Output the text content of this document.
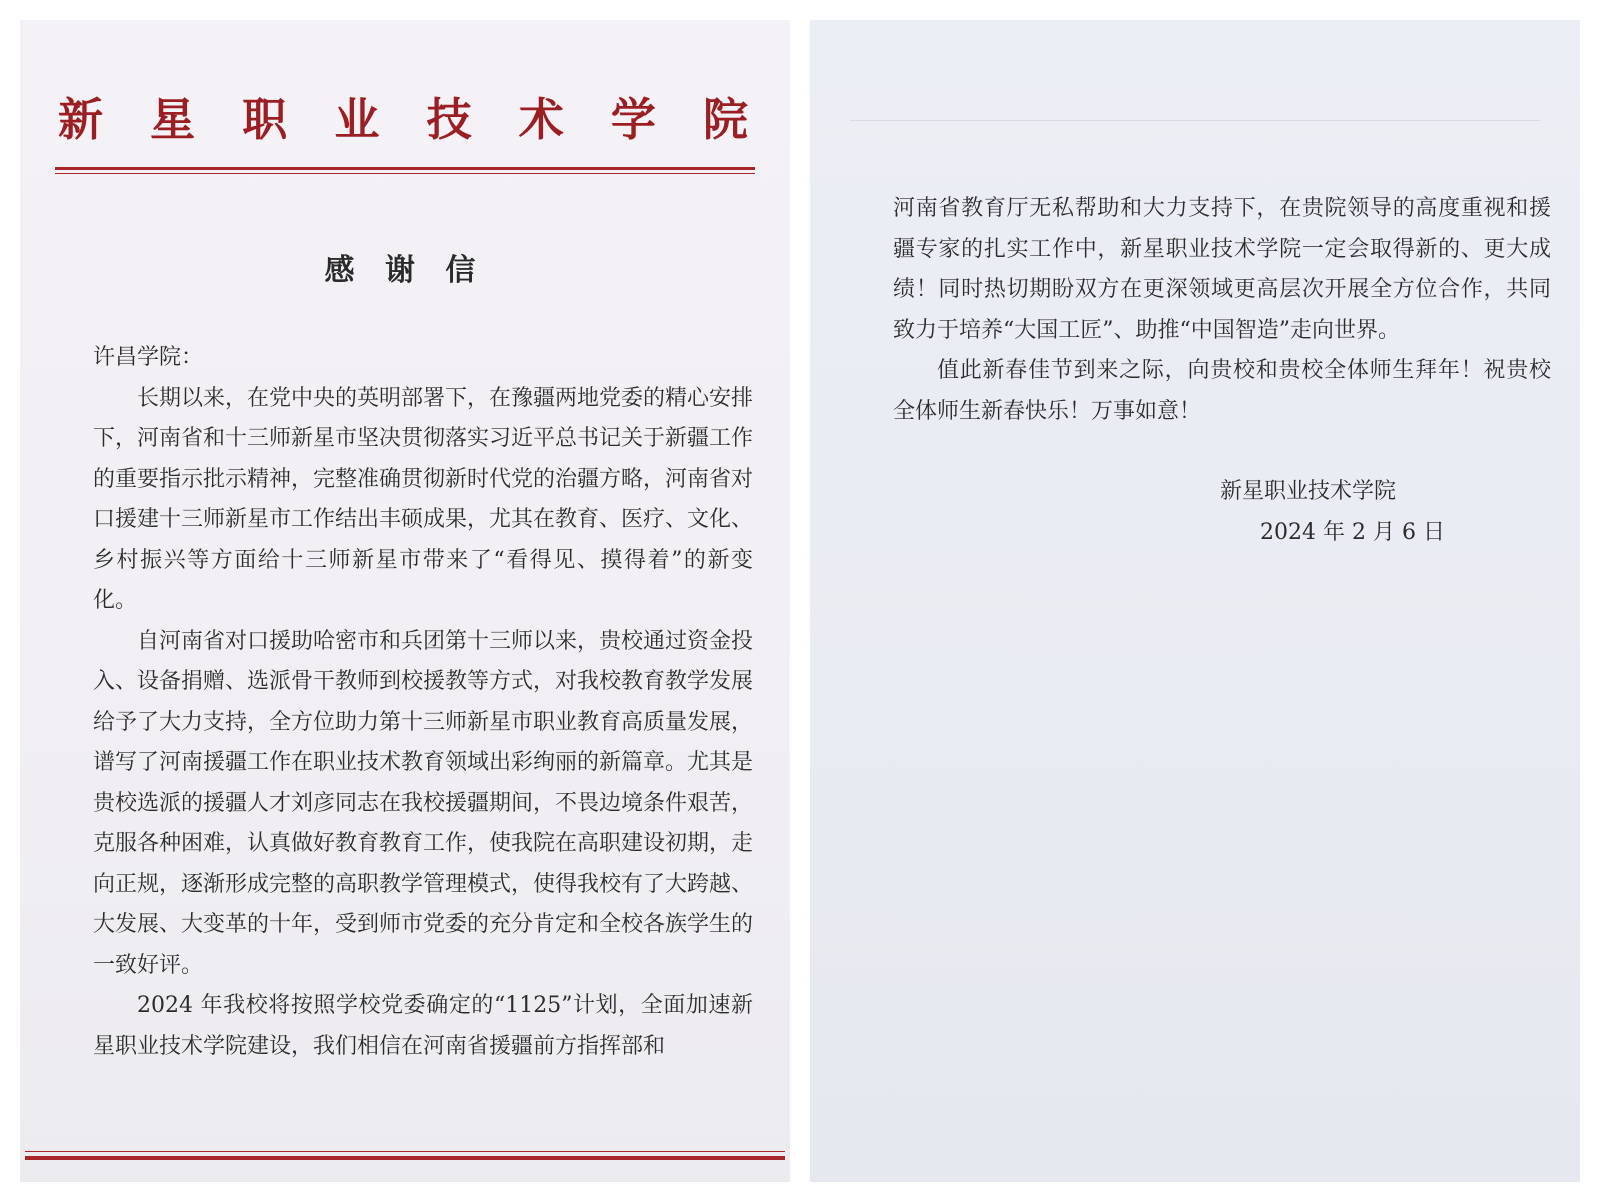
新 星 职 业 技 术 学 院
感 谢 信

许昌学院：

长期以来，在党中央的英明部署下，在豫疆两地党委的精心安排下，河南省和十三师新星市坚决贯彻落实习近平总书记关于新疆工作的重要指示批示精神，完整准确贯彻新时代党的治疆方略，河南省对口援建十三师新星市工作结出丰硕成果，尤其在教育、医疗、文化、乡村振兴等方面给十三师新星市带来了“看得见、摸得着”的新变化。

自河南省对口援助哈密市和兵团第十三师以来，贵校通过资金投入、设备捐赠、选派骨干教师到校援教等方式，对我校教育教学发展给予了大力支持，全方位助力第十三师新星市职业教育高质量发展，谱写了河南援疆工作在职业技术教育领域出彩绚丽的新篇章。尤其是贵校选派的援疆人才刘彦同志在我校援疆期间，不畏边境条件艰苦，克服各种困难，认真做好教育教育工作，使我院在高职建设初期，走向正规，逐渐形成完整的高职教学管理模式，使得我校有了大跨越、大发展、大变革的十年，受到师市党委的充分肯定和全校各族学生的一致好评。

2024 年我校将按照学校党委确定的“1125”计划，全面加速新星职业技术学院建设，我们相信在河南省援疆前方指挥部和

河南省教育厅无私帮助和大力支持下，在贵院领导的高度重视和援疆专家的扎实工作中，新星职业技术学院一定会取得新的、更大成绩！同时热切期盼双方在更深领域更高层次开展全方位合作，共同致力于培养“大国工匠”、助推“中国智造”走向世界。

值此新春佳节到来之际，向贵校和贵校全体师生拜年！祝贵校全体师生新春快乐！万事如意！

新星职业技术学院

2024 年 2 月 6 日
